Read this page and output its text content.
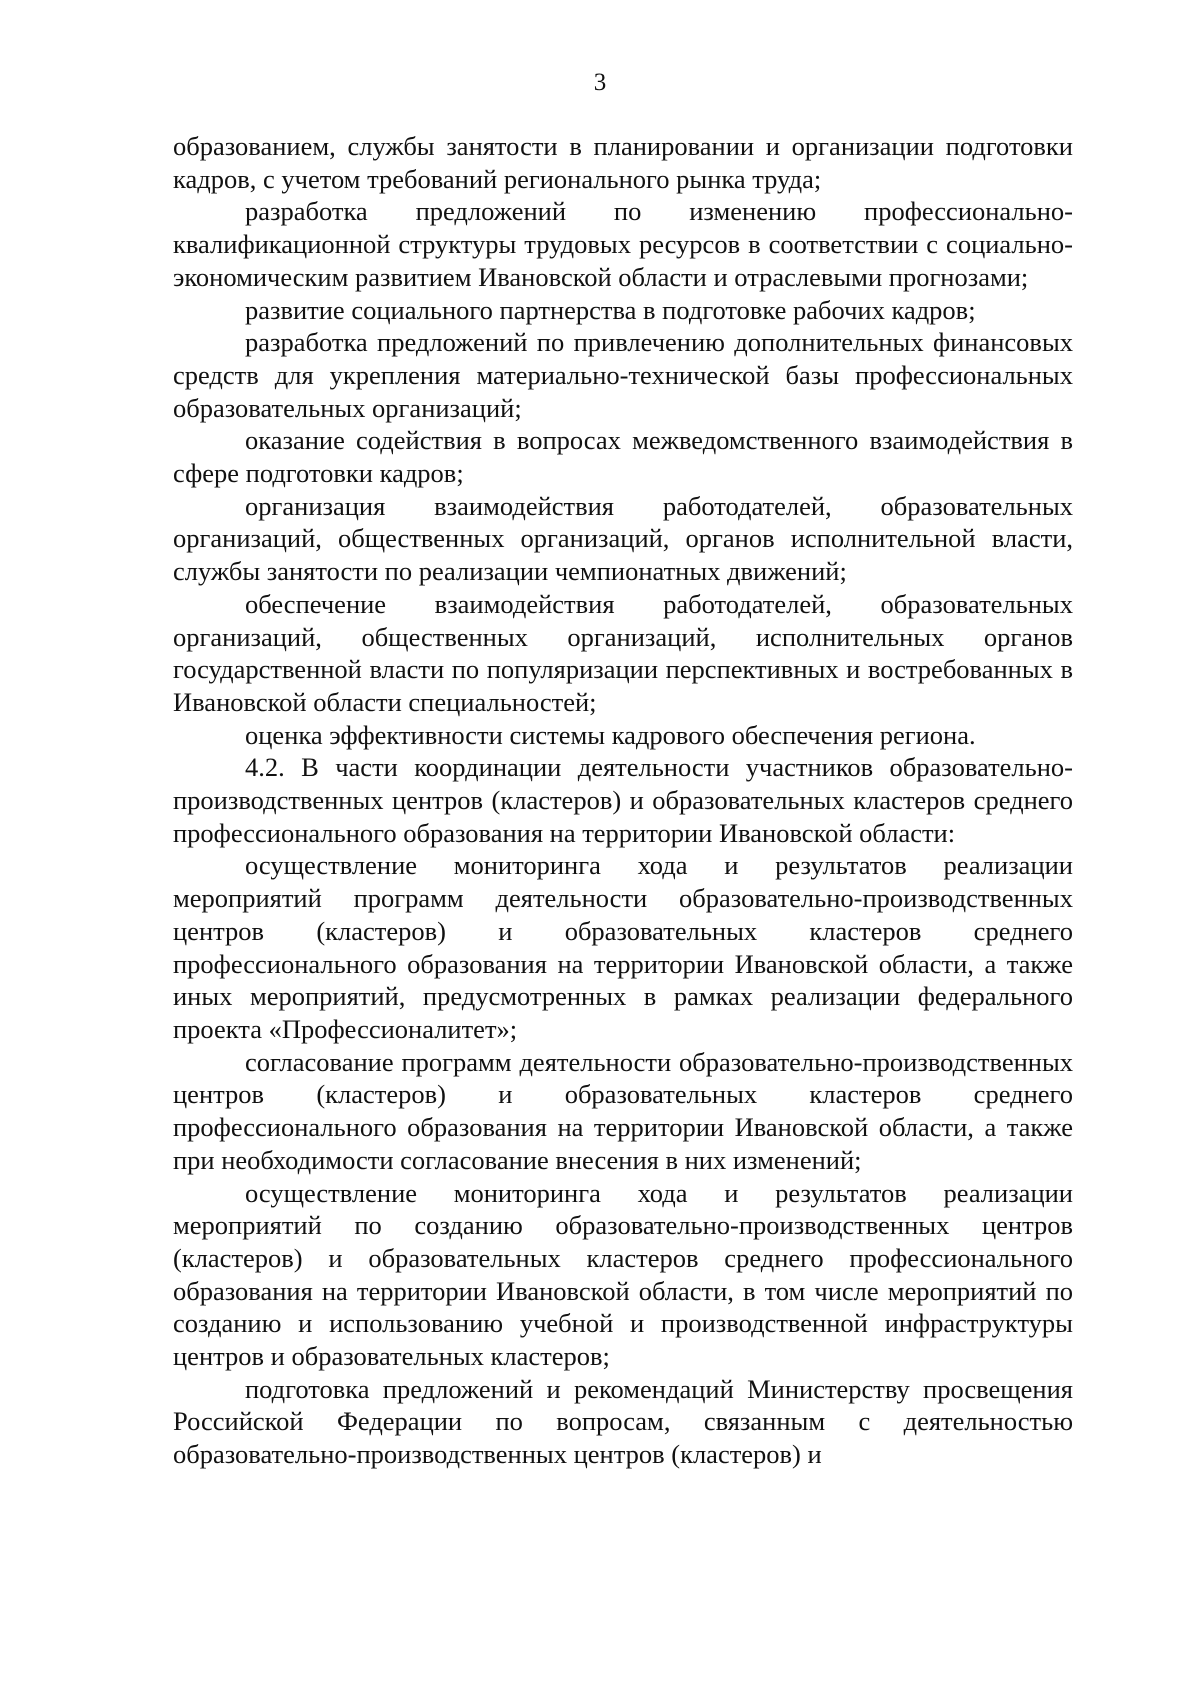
3

образованием, службы занятости в планировании и организации подготовки кадров, с учетом требований регионального рынка труда;

разработка предложений по изменению профессионально-квалификационной структуры трудовых ресурсов в соответствии с социально-экономическим развитием Ивановской области и отраслевыми прогнозами;

развитие социального партнерства в подготовке рабочих кадров;

разработка предложений по привлечению дополнительных финансовых средств для укрепления материально-технической базы профессиональных образовательных организаций;

оказание содействия в вопросах межведомственного взаимодействия в сфере подготовки кадров;

организация взаимодействия работодателей, образовательных организаций, общественных организаций, органов исполнительной власти, службы занятости по реализации чемпионатных движений;

обеспечение взаимодействия работодателей, образовательных организаций, общественных организаций, исполнительных органов государственной власти по популяризации перспективных и востребованных в Ивановской области специальностей;

оценка эффективности системы кадрового обеспечения региона.

4.2. В части координации деятельности участников образовательно-производственных центров (кластеров) и образовательных кластеров среднего профессионального образования на территории Ивановской области:

осуществление мониторинга хода и результатов реализации мероприятий программ деятельности образовательно-производственных центров (кластеров) и образовательных кластеров среднего профессионального образования на территории Ивановской области, а также иных мероприятий, предусмотренных в рамках реализации федерального проекта «Профессионалитет»;

согласование программ деятельности образовательно-производственных центров (кластеров) и образовательных кластеров среднего профессионального образования на территории Ивановской области, а также при необходимости согласование внесения в них изменений;

осуществление мониторинга хода и результатов реализации мероприятий по созданию образовательно-производственных центров (кластеров) и образовательных кластеров среднего профессионального образования на территории Ивановской области, в том числе мероприятий по созданию и использованию учебной и производственной инфраструктуры центров и образовательных кластеров;

подготовка предложений и рекомендаций Министерству просвещения Российской Федерации по вопросам, связанным с деятельностью образовательно-производственных центров (кластеров) и
